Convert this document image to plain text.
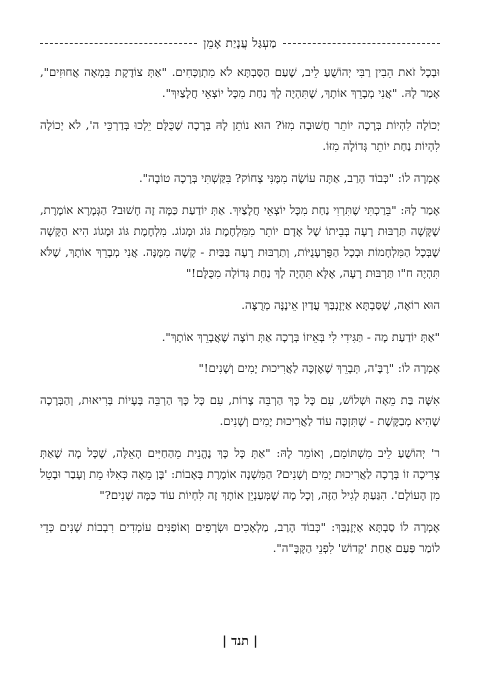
מַעְגַּל עֲנָיַת אָמֵן

וּבְכָל זֹאת הֵבִין רַבִּי יְהוֹשֻׁעַ לֵיב, שֶׁעַם הַסַּבְתָּא לֹא מִתְוַכְּחִים. "אַתְּ צוֹדֶקֶת בִּמְאָה אֲחוּזִים", אָמַר לָהּ. "אֲנִי מְבָרֵךְ אוֹתָךְ, שֶׁתִּהְיֶה לָךְ נַחַת מִכָּל יוֹצְאֵי חֲלָצַיִךְ".

יְכוֹלָה לִהְיוֹת בְּרָכָה יוֹתֵר חֲשׁוּבָה מִזּוֹ? הוּא נוֹתֵן לָהּ בְּרָכָה שֶׁכֻּלָּם יֵלְכוּ בְּדַרְכֵּי ה', לֹא יְכוֹלָה לִהְיוֹת נַחַת יוֹתֵר גְּדוֹלָה מִזּוֹ.

אָמְרָה לוֹ: "כְּבוֹד הָרַב, אַתָּה עוֹשֶׂה מִמֶּנִּי צְחוֹק? בִּקַּשְׁתִּי בְּרָכָה טוֹבָה".

אָמַר לָהּ: "בֵּרַכְתִּי שֶׁתִּרְוִי נַחַת מִכָּל יוֹצְאֵי חֲלָצַיִךְ. אַתְּ יוֹדַעַת כַּמָּה זֶה חָשׁוּב? הַגְּמָרָא אוֹמֶרֶת, שֶׁקָּשָׁה תַּרְבּוּת רָעָה בְּבֵיתוֹ שֶׁל אָדָם יוֹתֵר מִמִּלְחֶמֶת גּוֹג וּמָגוֹג. מִלְחֶמֶת גּוֹג וּמָגוֹג הִיא הַקָּשָׁה שֶׁבְּכָל הַמִּלְחָמוֹת וּבְכָל הַפֻּרְעָנֻיּוֹת, וְתַרְבּוּת רָעָה בַּבַּיִת - קָשָׁה מִמֶּנָּה. אֲנִי מְבָרֵךְ אוֹתָךְ, שֶׁלֹּא תִּהְיֶה ח"ו תַּרְבּוּת רָעָה, אֶלָּא תִּהְיֶה לָךְ נַחַת גְּדוֹלָה מִכֻּלָּם!"

הוּא רוֹאֶה, שֶׁסַּבְתָּא אַיְזֶנְבַּךְ עֲדַיִן אֵינֶנָּה מְרֻצָּה.

"אַתְּ יוֹדַעַת מָה - תַּגִּידִי לִי בְּאֵיזוֹ בְּרָכָה אַתְּ רוֹצָה שֶׁאֲבָרֵךְ אוֹתָךְ".

אָמְרָה לוֹ: "רֶבֶּ'ה, תְּבָרֵךְ שֶׁאֶזְכֶּה לַאֲרִיכוּת יָמִים וְשָׁנִים!"

אִשָּׁה בַּת מֵאָה וּשְׁלוֹשׁ, עִם כָּל כָּךְ הַרְבֵּה צָרוֹת, עִם כָּל כָּךְ הַרְבֵּה בְּעָיוֹת בְּרִיאוּת, וְהַבְּרָכָה שֶׁהִיא מְבַקֶּשֶׁת - שֶׁתִּזְכֶּה עוֹד לַאֲרִיכוּת יָמִים וְשָׁנִים.

ר' יְהוֹשֻׁעַ לֵיב מִשְׁתּוֹמֵם, וְאוֹמֵר לָהּ: "אַתְּ כָּל כָּךְ נֶהֱנֵית מֵהַחַיִּים הָאֵלֶּה, שֶׁכָּל מָה שֶׁאַתְּ צְרִיכָה זוֹ בְּרָכָה לַאֲרִיכוּת יָמִים וְשָׁנִים? הַמִּשְׁנָה אוֹמֶרֶת בְּאָבוֹת: 'בֶּן מֵאָה כְּאִלּוּ מֵת וְעָבַר וּבָטֵל מִן הָעוֹלָם'. הִגַּעַתְּ לְגִיל הַזֶּה, וְכָל מָה שֶׁמְּעַנְיֵן אוֹתָךְ זֶה לִחְיוֹת עוֹד כַּמָּה שָׁנִים?"

אָמְרָה לוֹ סַבְתָּא אַיְזֶנְבַּךְ: "כְּבוֹד הָרַב, מַלְאָכִים וּשְׂרָפִים וְאוֹפַנִּים עוֹמְדִים רִבְבוֹת שָׁנִים כְּדֵי לוֹמַר פַּעַם אַחַת 'קָדוֹשׁ' לִפְנֵי הַקָּבָּ"ה".

| תנד |
